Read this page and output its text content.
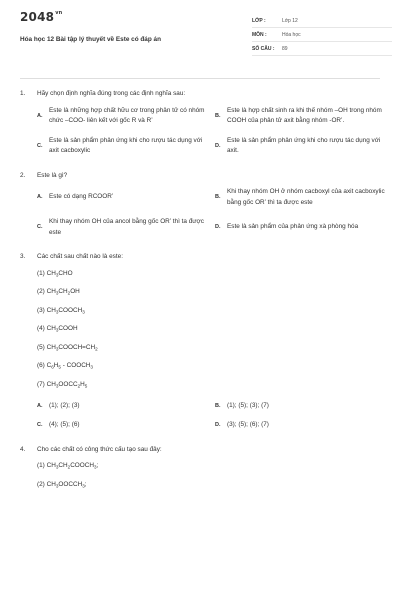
$2048^{vn}$
Hóa học 12 Bài tập lý thuyết về Este có đáp án
LỚP :	Lớp 12
MÔN :	Hóa học
SỐ CÂU :	89
1.	Hãy chọn định nghĩa đúng trong các định nghĩa sau:
A.
Este là những hợp chất hữu cơ trong phân tử có nhóm chức –COO- liên kết với gốc R và R’
B.
Este là hợp chất sinh ra khi thế nhóm –OH trong nhóm COOH của phân tử axit bằng nhóm -OR’.
C.
Este là sản phẩm phản ứng khi cho rượu tác dụng với axit cacboxylic
D.
Este là sản phẩm phản ứng khi cho rượu tác dụng với axit.
2.	Este là gì?
A.	Este có dạng RCOOR’	B.
Khi thay nhóm OH ở nhóm cacboxyl của axit cacboxylic bằng gốc OR’ thì ta được este
C.
Khi thay nhóm OH của ancol bằng gốc OR’ thì ta được este
D.	Este là sản phẩm của phản ứng xà phòng hóa
3.	Các chất sau chất nào là este:
(1) $CH_3CHO$
(2) $CH_3CH_2OH$
(3) $CH_3COOCH_3$
(4) $CH_3COOH$
(5) $CH_3COOCH=CH_2$
(6) $C_6H_5$ - $COOCH_3$
(7) $CH_3OOCC_2H_5$
A.	(1); (2); (3)	B.	(1); (5); (3); (7)
C.	(4); (5); (6)	D.	(3); (5); (6); (7)
4.	Cho các chất có công thức cấu tạo sau đây:
(1) $CH_3CH_2COOCH_3$;
(2) $CH_3OOCCH_3$;
